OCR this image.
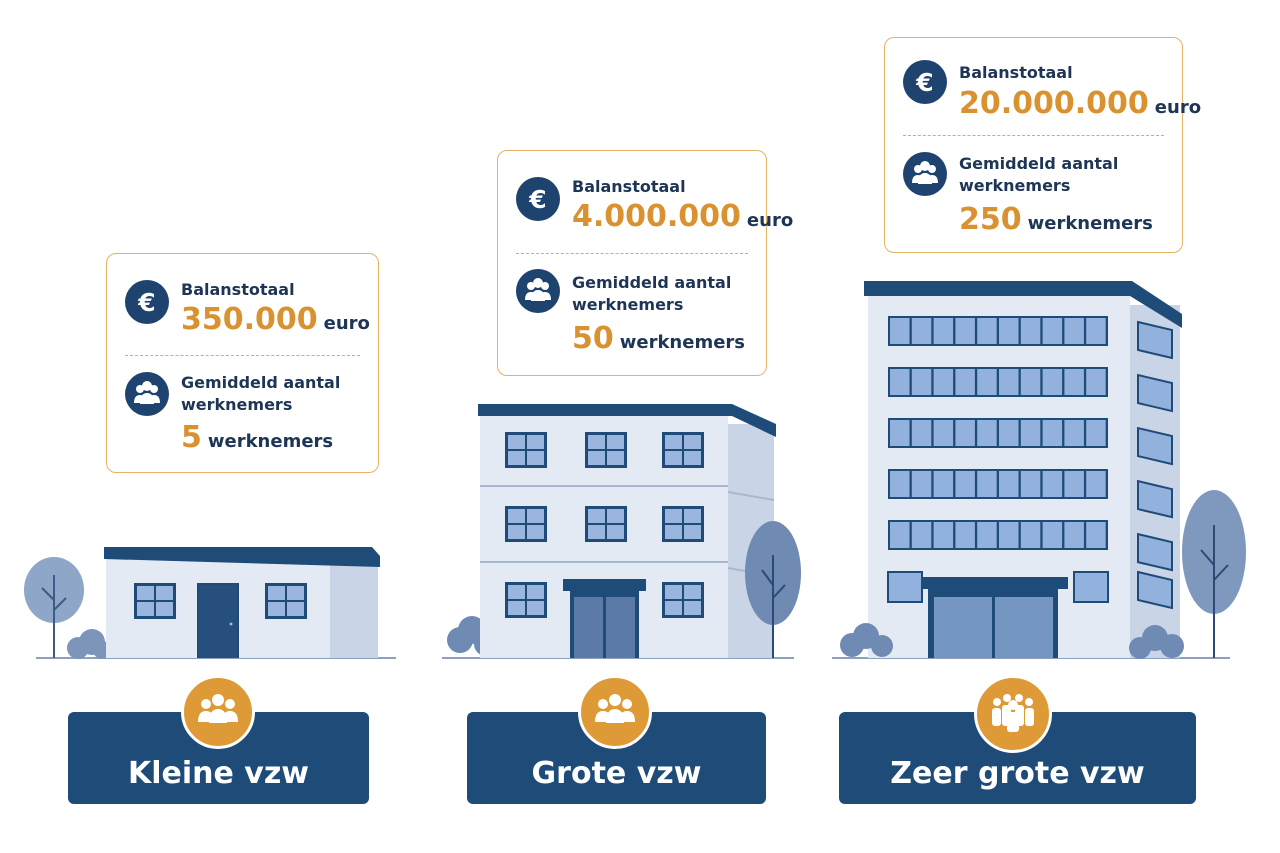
€ Balanstotaal
350.000 euro
Gemiddeld aantal werknemers
5 werknemers
€ Balanstotaal
4.000.000 euro
Gemiddeld aantal werknemers
50 werknemers
€ Balanstotaal
20.000.000 euro
Gemiddeld aantal werknemers
250 werknemers
Kleine vzw	Grote vzw	Zeer grote vzw
